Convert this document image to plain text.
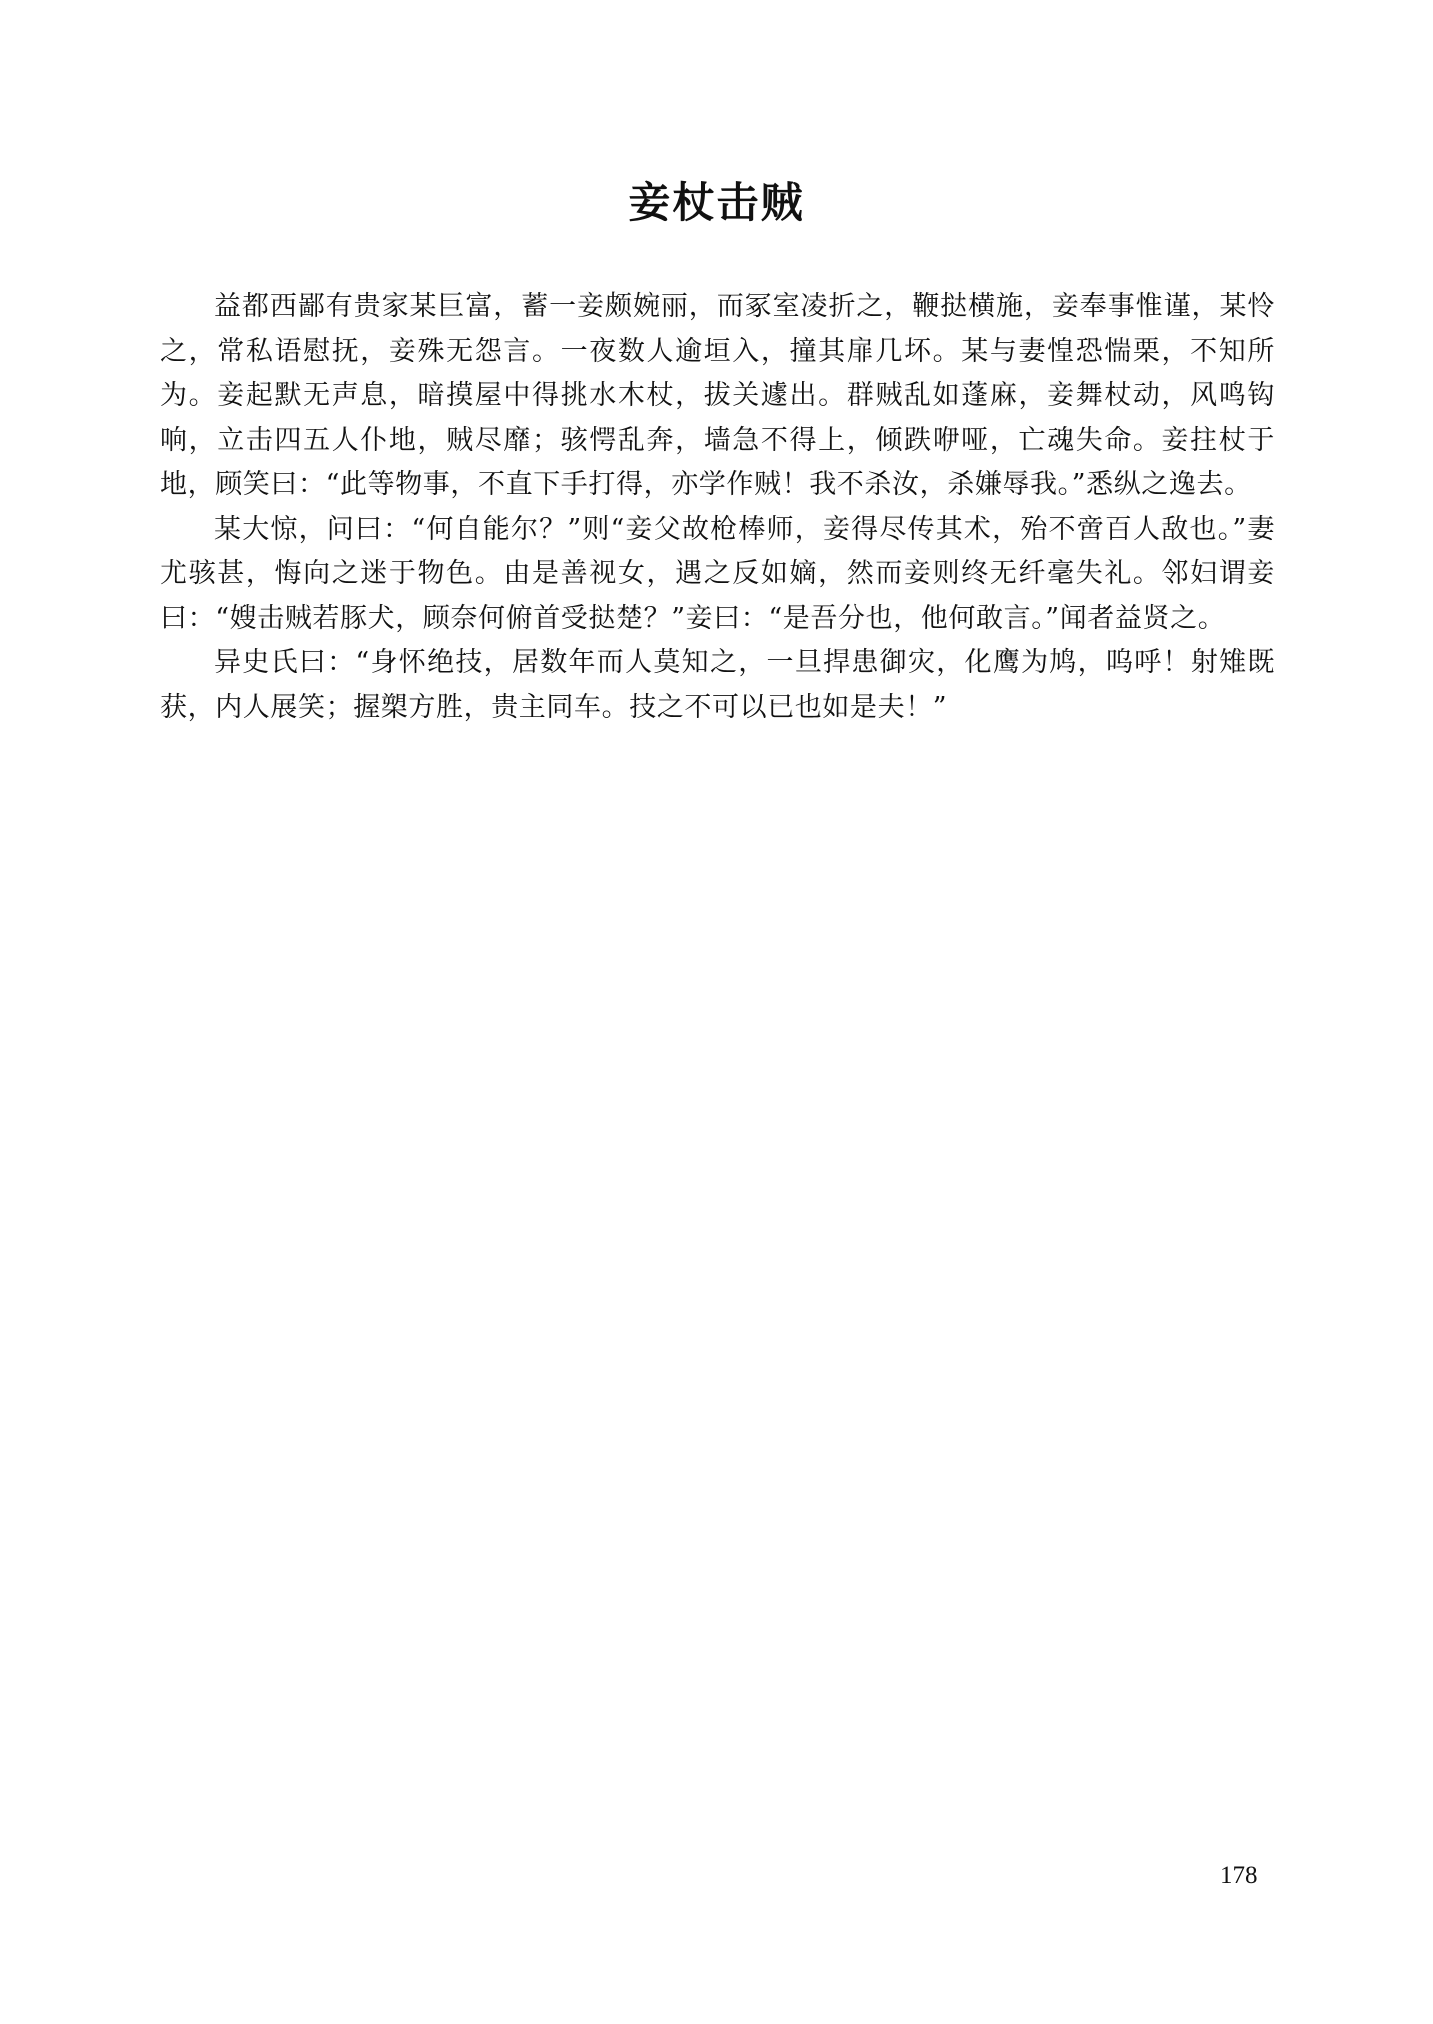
妾杖击贼

益都西鄙有贵家某巨富，蓄一妾颇婉丽，而冢室凌折之，鞭挞横施，妾奉事惟谨，某怜之，常私语慰抚，妾殊无怨言。一夜数人逾垣入，撞其扉几坏。某与妻惶恐惴栗，不知所为。妾起默无声息，暗摸屋中得挑水木杖，拔关遽出。群贼乱如蓬麻，妾舞杖动，风鸣钩响，立击四五人仆地，贼尽靡；骇愕乱奔，墙急不得上，倾跌咿哑，亡魂失命。妾拄杖于地，顾笑曰：“此等物事，不直下手打得，亦学作贼！我不杀汝，杀嫌辱我。”悉纵之逸去。

某大惊，问曰：“何自能尔？”则“妾父故枪棒师，妾得尽传其术，殆不啻百人敌也。”妻尤骇甚，悔向之迷于物色。由是善视女，遇之反如嫡，然而妾则终无纤毫失礼。邻妇谓妾曰：“嫂击贼若豚犬，顾奈何俯首受挞楚？”妾曰：“是吾分也，他何敢言。”闻者益贤之。

异史氏曰：“身怀绝技，居数年而人莫知之，一旦捍患御灾，化鹰为鸠，呜呼！射雉既获，内人展笑；握槊方胜，贵主同车。技之不可以已也如是夫！”

178
